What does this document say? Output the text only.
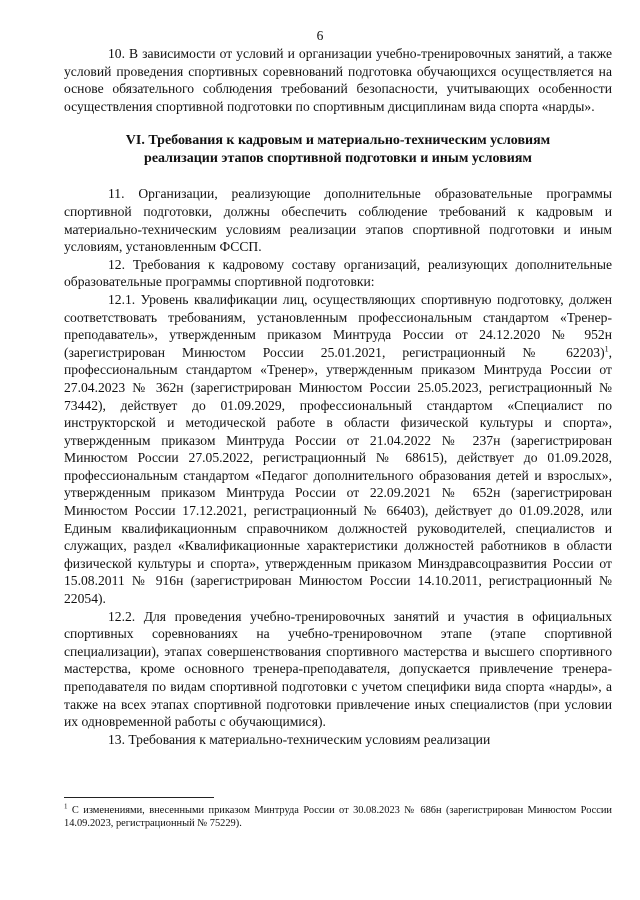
6

10. В зависимости от условий и организации учебно-тренировочных занятий, а также условий проведения спортивных соревнований подготовка обучающихся осуществляется на основе обязательного соблюдения требований безопасности, учитывающих особенности осуществления спортивной подготовки по спортивным дисциплинам вида спорта «нарды».

VI. Требования к кадровым и материально-техническим условиям
реализации этапов спортивной подготовки и иным условиям

11. Организации, реализующие дополнительные образовательные программы спортивной подготовки, должны обеспечить соблюдение требований к кадровым и материально-техническим условиям реализации этапов спортивной подготовки и иным условиям, установленным ФССП.

12. Требования к кадровому составу организаций, реализующих дополнительные образовательные программы спортивной подготовки:

12.1. Уровень квалификации лиц, осуществляющих спортивную подготовку, должен соответствовать требованиям, установленным профессиональным стандартом «Тренер-преподаватель», утвержденным приказом Минтруда России от 24.12.2020 № 952н (зарегистрирован Минюстом России 25.01.2021, регистрационный № 62203)$^1$, профессиональным стандартом «Тренер», утвержденным приказом Минтруда России от 27.04.2023 № 362н (зарегистрирован Минюстом России 25.05.2023, регистрационный № 73442), действует до 01.09.2029, профессиональный стандартом «Специалист по инструкторской и методической работе в области физической культуры и спорта», утвержденным приказом Минтруда России от 21.04.2022 № 237н (зарегистрирован Минюстом России 27.05.2022, регистрационный № 68615), действует до 01.09.2028, профессиональным стандартом «Педагог дополнительного образования детей и взрослых», утвержденным приказом Минтруда России от 22.09.2021 № 652н (зарегистрирован Минюстом России 17.12.2021, регистрационный № 66403), действует до 01.09.2028, или Единым квалификационным справочником должностей руководителей, специалистов и служащих, раздел «Квалификационные характеристики должностей работников в области физической культуры и спорта», утвержденным приказом Минздравсоцразвития России от 15.08.2011 № 916н (зарегистрирован Минюстом России 14.10.2011, регистрационный № 22054).

12.2. Для проведения учебно-тренировочных занятий и участия в официальных спортивных соревнованиях на учебно-тренировочном этапе (этапе спортивной специализации), этапах совершенствования спортивного мастерства и высшего спортивного мастерства, кроме основного тренера-преподавателя, допускается привлечение тренера-преподавателя по видам спортивной подготовки с учетом специфики вида спорта «нарды», а также на всех этапах спортивной подготовки привлечение иных специалистов (при условии их одновременной работы с обучающимися).

13. Требования к материально-техническим условиям реализации

$^1$ С изменениями, внесенными приказом Минтруда России от 30.08.2023 № 686н (зарегистрирован Минюстом России 14.09.2023, регистрационный № 75229).
